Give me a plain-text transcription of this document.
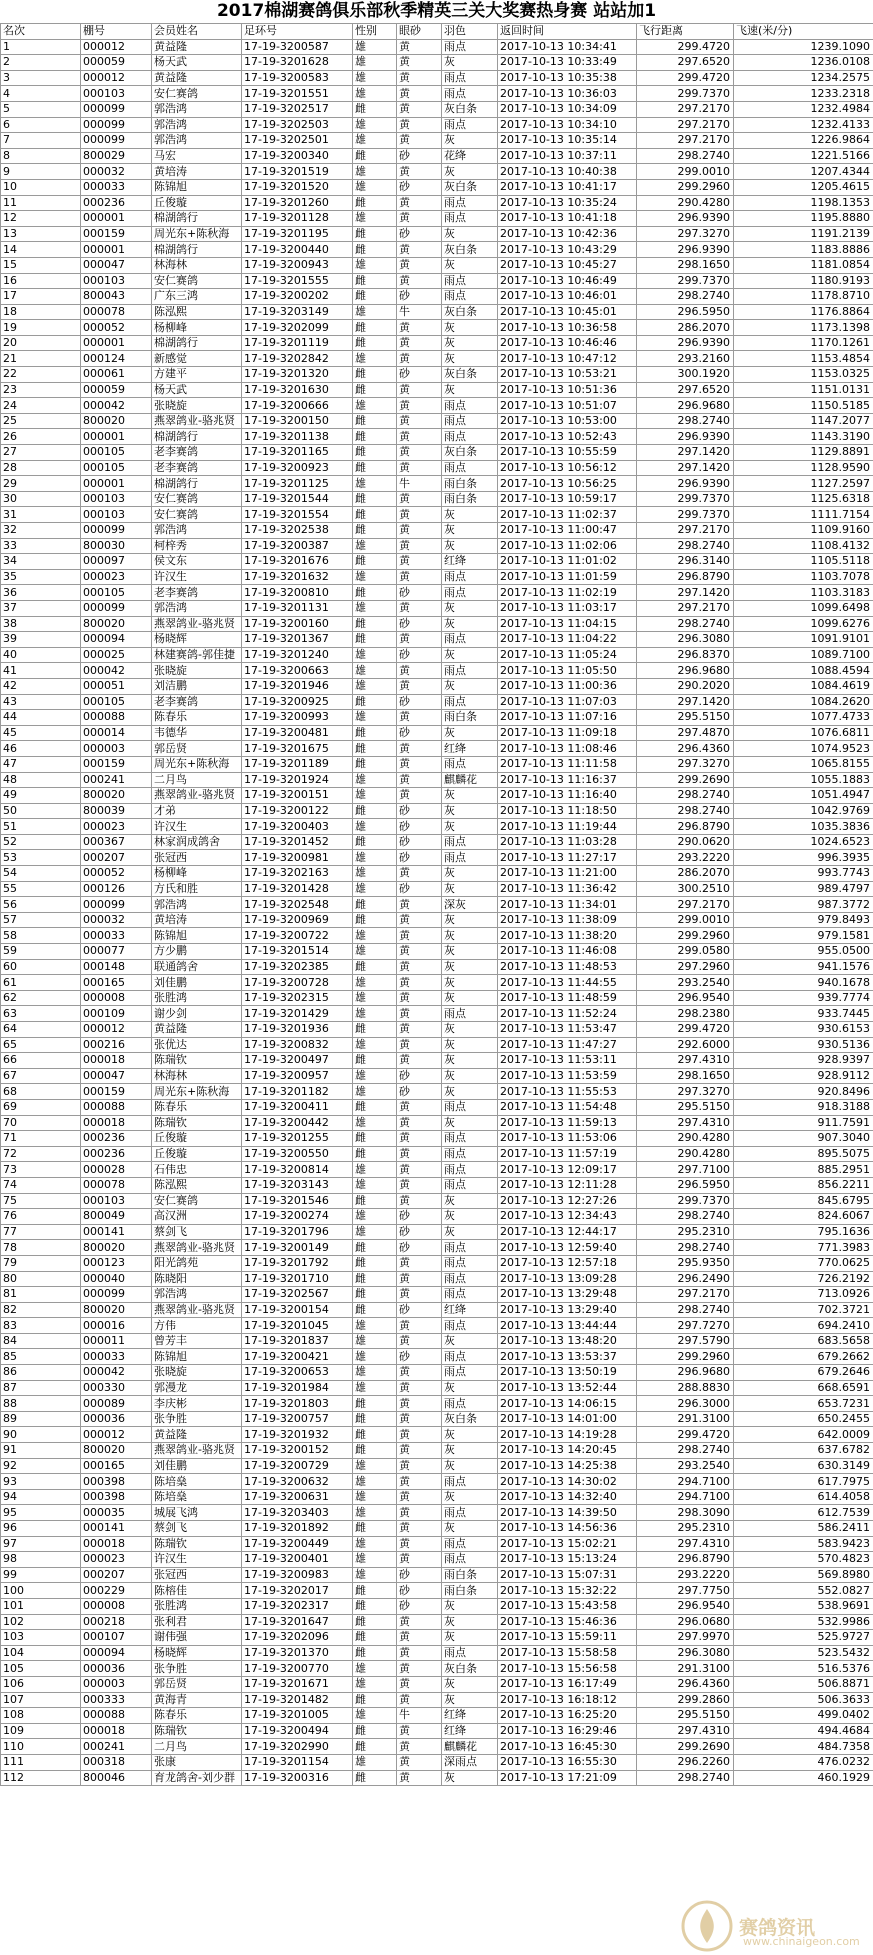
2017棉湖赛鸽俱乐部秋季精英三关大奖赛热身赛 站站加1
名次	棚号	会员姓名	足环号	性别	眼砂	羽色	返回时间	飞行距离	飞速(米/分)
1	000012	黄益隆	17-19-3200587	雄	黄	雨点	2017-10-13 10:34:41	299.4720	1239.1090
2	000059	杨天武	17-19-3201628	雄	黄	灰	2017-10-13 10:33:49	297.6520	1236.0108
3	000012	黄益隆	17-19-3200583	雄	黄	雨点	2017-10-13 10:35:38	299.4720	1234.2575
4	000103	安仁赛鸽	17-19-3201551	雄	黄	雨点	2017-10-13 10:36:03	299.7370	1233.2318
5	000099	郭浩鸿	17-19-3202517	雌	黄	灰白条	2017-10-13 10:34:09	297.2170	1232.4984
6	000099	郭浩鸿	17-19-3202503	雄	黄	雨点	2017-10-13 10:34:10	297.2170	1232.4133
7	000099	郭浩鸿	17-19-3202501	雄	黄	灰	2017-10-13 10:35:14	297.2170	1226.9864
8	800029	马宏	17-19-3200340	雌	砂	花绛	2017-10-13 10:37:11	298.2740	1221.5166
9	000032	黄培涛	17-19-3201519	雄	黄	灰	2017-10-13 10:40:38	299.0010	1207.4344
10	000033	陈锦旭	17-19-3201520	雄	砂	灰白条	2017-10-13 10:41:17	299.2960	1205.4615
11	000236	丘俊璇	17-19-3201260	雌	黄	雨点	2017-10-13 10:35:24	290.4280	1198.1353
12	000001	棉湖鸽行	17-19-3201128	雄	黄	雨点	2017-10-13 10:41:18	296.9390	1195.8880
13	000159	周光东+陈秋海	17-19-3201195	雌	砂	灰	2017-10-13 10:42:36	297.3270	1191.2139
14	000001	棉湖鸽行	17-19-3200440	雌	黄	灰白条	2017-10-13 10:43:29	296.9390	1183.8886
15	000047	林海林	17-19-3200943	雄	黄	灰	2017-10-13 10:45:27	298.1650	1181.0854
16	000103	安仁赛鸽	17-19-3201555	雌	黄	雨点	2017-10-13 10:46:49	299.7370	1180.9193
17	800043	广东三鸿	17-19-3200202	雌	砂	雨点	2017-10-13 10:46:01	298.2740	1178.8710
18	000078	陈泓熙	17-19-3203149	雄	牛	灰白条	2017-10-13 10:45:01	296.5950	1176.8864
19	000052	杨柳峰	17-19-3202099	雌	黄	灰	2017-10-13 10:36:58	286.2070	1173.1398
20	000001	棉湖鸽行	17-19-3201119	雌	黄	灰	2017-10-13 10:46:46	296.9390	1170.1261
21	000124	新感觉	17-19-3202842	雄	黄	灰	2017-10-13 10:47:12	293.2160	1153.4854
22	000061	方建平	17-19-3201320	雌	砂	灰白条	2017-10-13 10:53:21	300.1920	1153.0325
23	000059	杨天武	17-19-3201630	雌	黄	灰	2017-10-13 10:51:36	297.6520	1151.0131
24	000042	张晓旋	17-19-3200666	雄	黄	雨点	2017-10-13 10:51:07	296.9680	1150.5185
25	800020	燕翠鸽业-骆兆贤	17-19-3200150	雌	黄	雨点	2017-10-13 10:53:00	298.2740	1147.2077
26	000001	棉湖鸽行	17-19-3201138	雌	黄	雨点	2017-10-13 10:52:43	296.9390	1143.3190
27	000105	老李赛鸽	17-19-3201165	雌	黄	灰白条	2017-10-13 10:55:59	297.1420	1129.8891
28	000105	老李赛鸽	17-19-3200923	雌	黄	雨点	2017-10-13 10:56:12	297.1420	1128.9590
29	000001	棉湖鸽行	17-19-3201125	雄	牛	雨白条	2017-10-13 10:56:25	296.9390	1127.2597
30	000103	安仁赛鸽	17-19-3201544	雌	黄	雨白条	2017-10-13 10:59:17	299.7370	1125.6318
31	000103	安仁赛鸽	17-19-3201554	雌	黄	灰	2017-10-13 11:02:37	299.7370	1111.7154
32	000099	郭浩鸿	17-19-3202538	雌	黄	灰	2017-10-13 11:00:47	297.2170	1109.9160
33	800030	柯梓秀	17-19-3200387	雄	黄	灰	2017-10-13 11:02:06	298.2740	1108.4132
34	000097	侯文东	17-19-3201676	雌	黄	红绛	2017-10-13 11:01:02	296.3140	1105.5118
35	000023	许汉生	17-19-3201632	雄	黄	雨点	2017-10-13 11:01:59	296.8790	1103.7078
36	000105	老李赛鸽	17-19-3200810	雌	砂	雨点	2017-10-13 11:02:19	297.1420	1103.3183
37	000099	郭浩鸿	17-19-3201131	雄	黄	灰	2017-10-13 11:03:17	297.2170	1099.6498
38	800020	燕翠鸽业-骆兆贤	17-19-3200160	雌	砂	灰	2017-10-13 11:04:15	298.2740	1099.6276
39	000094	杨晓辉	17-19-3201367	雌	黄	雨点	2017-10-13 11:04:22	296.3080	1091.9101
40	000025	林建赛鸽-郭佳捷	17-19-3201240	雄	砂	灰	2017-10-13 11:05:24	296.8370	1089.7100
41	000042	张晓旋	17-19-3200663	雄	黄	雨点	2017-10-13 11:05:50	296.9680	1088.4594
42	000051	刘洁鹏	17-19-3201946	雄	黄	灰	2017-10-13 11:00:36	290.2020	1084.4619
43	000105	老李赛鸽	17-19-3200925	雌	砂	雨点	2017-10-13 11:07:03	297.1420	1084.2620
44	000088	陈春乐	17-19-3200993	雄	黄	雨白条	2017-10-13 11:07:16	295.5150	1077.4733
45	000014	韦德华	17-19-3200481	雌	砂	灰	2017-10-13 11:09:18	297.4870	1076.6811
46	000003	郭岳贤	17-19-3201675	雌	黄	红绛	2017-10-13 11:08:46	296.4360	1074.9523
47	000159	周光东+陈秋海	17-19-3201189	雌	黄	雨点	2017-10-13 11:11:58	297.3270	1065.8155
48	000241	二月鸟	17-19-3201924	雄	黄	麒麟花	2017-10-13 11:16:37	299.2690	1055.1883
49	800020	燕翠鸽业-骆兆贤	17-19-3200151	雄	黄	灰	2017-10-13 11:16:40	298.2740	1051.4947
50	800039	才弟	17-19-3200122	雌	砂	灰	2017-10-13 11:18:50	298.2740	1042.9769
51	000023	许汉生	17-19-3200403	雄	砂	灰	2017-10-13 11:19:44	296.8790	1035.3836
52	000367	林家润成鸽舍	17-19-3201452	雌	砂	雨点	2017-10-13 11:03:28	290.0620	1024.6523
53	000207	张冠西	17-19-3200981	雄	砂	雨点	2017-10-13 11:27:17	293.2220	996.3935
54	000052	杨柳峰	17-19-3202163	雄	黄	灰	2017-10-13 11:21:00	286.2070	993.7743
55	000126	方氏和胜	17-19-3201428	雄	砂	灰	2017-10-13 11:36:42	300.2510	989.4797
56	000099	郭浩鸿	17-19-3202548	雌	黄	深灰	2017-10-13 11:34:01	297.2170	987.3772
57	000032	黄培涛	17-19-3200969	雌	黄	灰	2017-10-13 11:38:09	299.0010	979.8493
58	000033	陈锦旭	17-19-3200722	雄	黄	灰	2017-10-13 11:38:20	299.2960	979.1581
59	000077	方少鹏	17-19-3201514	雄	黄	灰	2017-10-13 11:46:08	299.0580	955.0500
60	000148	联通鸽舍	17-19-3202385	雌	黄	灰	2017-10-13 11:48:53	297.2960	941.1576
61	000165	刘佳鹏	17-19-3200728	雄	黄	灰	2017-10-13 11:44:55	293.2540	940.1678
62	000008	张胜鸿	17-19-3202315	雄	黄	灰	2017-10-13 11:48:59	296.9540	939.7774
63	000109	谢少剑	17-19-3201429	雄	黄	雨点	2017-10-13 11:52:24	298.2380	933.7445
64	000012	黄益隆	17-19-3201936	雌	黄	灰	2017-10-13 11:53:47	299.4720	930.6153
65	000216	张优达	17-19-3200832	雄	黄	灰	2017-10-13 11:47:27	292.6000	930.5136
66	000018	陈瑞钦	17-19-3200497	雌	黄	灰	2017-10-13 11:53:11	297.4310	928.9397
67	000047	林海林	17-19-3200957	雄	砂	灰	2017-10-13 11:53:59	298.1650	928.9112
68	000159	周光东+陈秋海	17-19-3201182	雄	砂	灰	2017-10-13 11:55:53	297.3270	920.8496
69	000088	陈春乐	17-19-3200411	雌	黄	雨点	2017-10-13 11:54:48	295.5150	918.3188
70	000018	陈瑞钦	17-19-3200442	雄	黄	灰	2017-10-13 11:59:13	297.4310	911.7591
71	000236	丘俊璇	17-19-3201255	雌	黄	雨点	2017-10-13 11:53:06	290.4280	907.3040
72	000236	丘俊璇	17-19-3200550	雌	黄	雨点	2017-10-13 11:57:19	290.4280	895.5075
73	000028	石伟忠	17-19-3200814	雄	黄	雨点	2017-10-13 12:09:17	297.7100	885.2951
74	000078	陈泓熙	17-19-3203143	雄	黄	雨点	2017-10-13 12:11:28	296.5950	856.2211
75	000103	安仁赛鸽	17-19-3201546	雌	黄	灰	2017-10-13 12:27:26	299.7370	845.6795
76	800049	高汉洲	17-19-3200274	雄	砂	灰	2017-10-13 12:34:43	298.2740	824.6067
77	000141	蔡剑飞	17-19-3201796	雄	砂	灰	2017-10-13 12:44:17	295.2310	795.1636
78	800020	燕翠鸽业-骆兆贤	17-19-3200149	雌	砂	雨点	2017-10-13 12:59:40	298.2740	771.3983
79	000123	阳光鸽苑	17-19-3201792	雌	黄	雨点	2017-10-13 12:57:18	295.9350	770.0625
80	000040	陈晓阳	17-19-3201710	雌	黄	雨点	2017-10-13 13:09:28	296.2490	726.2192
81	000099	郭浩鸿	17-19-3202567	雌	黄	雨点	2017-10-13 13:29:48	297.2170	713.0926
82	800020	燕翠鸽业-骆兆贤	17-19-3200154	雌	砂	红绛	2017-10-13 13:29:40	298.2740	702.3721
83	000016	方伟	17-19-3201045	雄	黄	雨点	2017-10-13 13:44:44	297.7270	694.2410
84	000011	曾芳丰	17-19-3201837	雄	黄	灰	2017-10-13 13:48:20	297.5790	683.5658
85	000033	陈锦旭	17-19-3200421	雄	砂	雨点	2017-10-13 13:53:37	299.2960	679.2662
86	000042	张晓旋	17-19-3200653	雄	黄	雨点	2017-10-13 13:50:19	296.9680	679.2646
87	000330	郭漫龙	17-19-3201984	雄	黄	灰	2017-10-13 13:52:44	288.8830	668.6591
88	000089	李庆彬	17-19-3201803	雌	黄	雨点	2017-10-13 14:06:15	296.3000	653.7231
89	000036	张争胜	17-19-3200757	雌	黄	灰白条	2017-10-13 14:01:00	291.3100	650.2455
90	000012	黄益隆	17-19-3201932	雌	黄	灰	2017-10-13 14:19:28	299.4720	642.0009
91	800020	燕翠鸽业-骆兆贤	17-19-3200152	雌	黄	灰	2017-10-13 14:20:45	298.2740	637.6782
92	000165	刘佳鹏	17-19-3200729	雄	黄	灰	2017-10-13 14:25:38	293.2540	630.3149
93	000398	陈培燊	17-19-3200632	雄	黄	雨点	2017-10-13 14:30:02	294.7100	617.7975
94	000398	陈培燊	17-19-3200631	雄	黄	灰	2017-10-13 14:32:40	294.7100	614.4058
95	000035	城展飞鸿	17-19-3203403	雄	黄	雨点	2017-10-13 14:39:50	298.3090	612.7539
96	000141	蔡剑飞	17-19-3201892	雌	黄	灰	2017-10-13 14:56:36	295.2310	586.2411
97	000018	陈瑞钦	17-19-3200449	雄	黄	雨点	2017-10-13 15:02:21	297.4310	583.9423
98	000023	许汉生	17-19-3200401	雄	黄	雨点	2017-10-13 15:13:24	296.8790	570.4823
99	000207	张冠西	17-19-3200983	雄	砂	雨白条	2017-10-13 15:07:31	293.2220	569.8980
100	000229	陈榕佳	17-19-3202017	雌	砂	雨白条	2017-10-13 15:32:22	297.7750	552.0827
101	000008	张胜鸿	17-19-3202317	雌	砂	灰	2017-10-13 15:43:58	296.9540	538.9691
102	000218	张利君	17-19-3201647	雌	黄	灰	2017-10-13 15:46:36	296.0680	532.9986
103	000107	谢伟强	17-19-3202096	雌	黄	灰	2017-10-13 15:59:11	297.9970	525.9727
104	000094	杨晓辉	17-19-3201370	雌	黄	雨点	2017-10-13 15:58:58	296.3080	523.5432
105	000036	张争胜	17-19-3200770	雄	黄	灰白条	2017-10-13 15:56:58	291.3100	516.5376
106	000003	郭岳贤	17-19-3201671	雄	黄	灰	2017-10-13 16:17:49	296.4360	506.8871
107	000333	黄海青	17-19-3201482	雌	黄	灰	2017-10-13 16:18:12	299.2860	506.3633
108	000088	陈春乐	17-19-3201005	雄	牛	红绛	2017-10-13 16:25:20	295.5150	499.0402
109	000018	陈瑞钦	17-19-3200494	雌	黄	红绛	2017-10-13 16:29:46	297.4310	494.4684
110	000241	二月鸟	17-19-3202990	雌	黄	麒麟花	2017-10-13 16:45:30	299.2690	484.7358
111	000318	张康	17-19-3201154	雄	黄	深雨点	2017-10-13 16:55:30	296.2260	476.0232
112	800046	育龙鸽舍-刘少群	17-19-3200316	雌	黄	灰	2017-10-13 17:21:09	298.2740	460.1929
赛鸽资讯
www.chinaigeon.com
